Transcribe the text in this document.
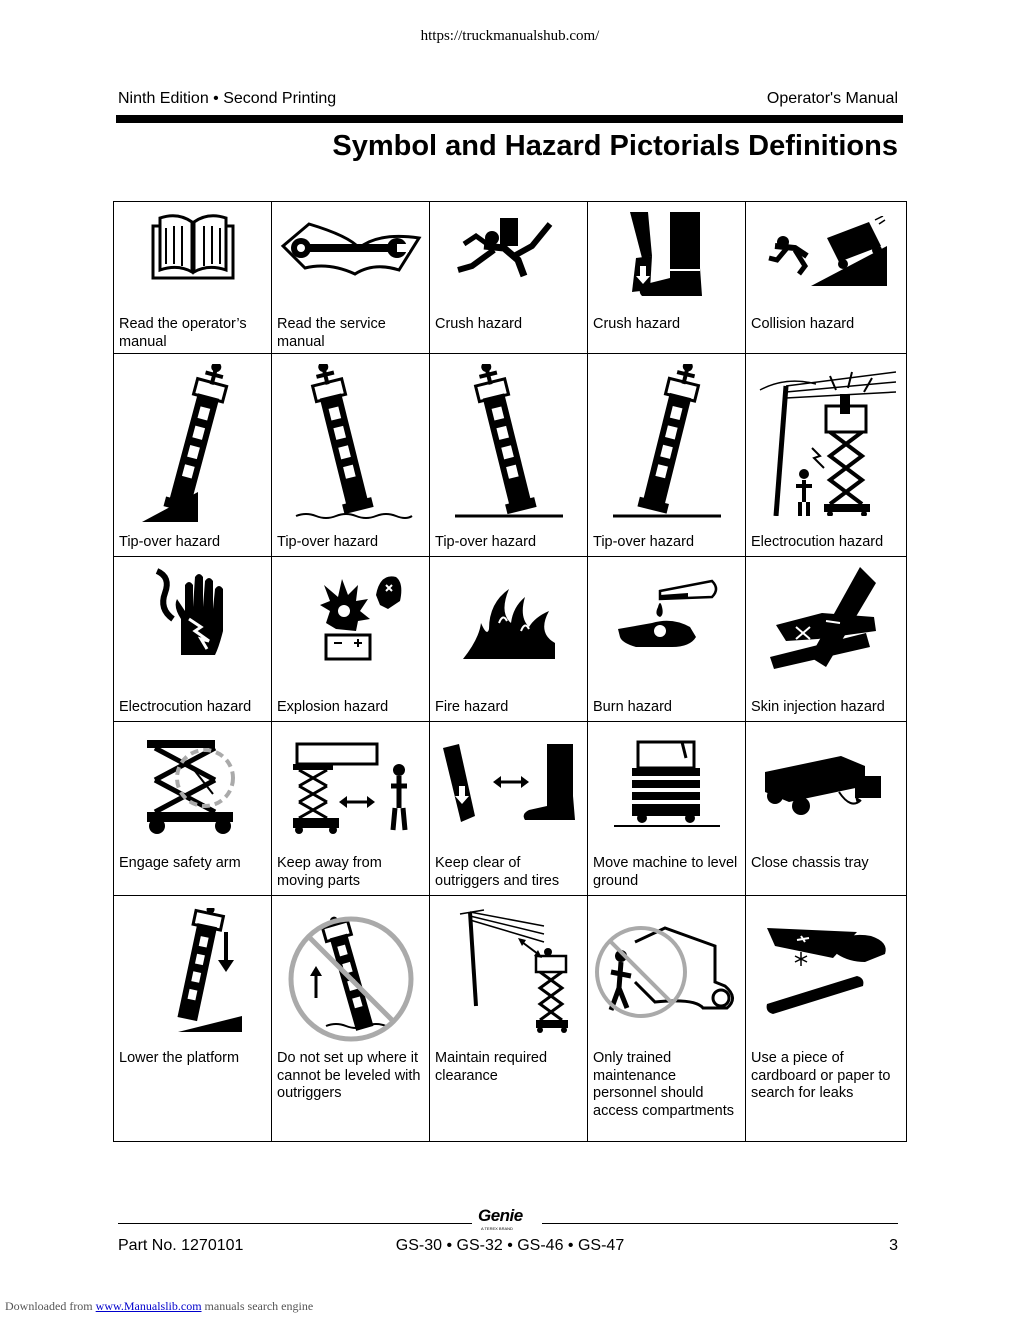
https://truckmanualshub.com/
Ninth Edition • Second Printing	Operator's Manual
Symbol and Hazard Pictorials Definitions
Read the operator’s manual	Read the service manual	Crush hazard	Crush hazard	Collision hazard

Tip-over hazard	Tip-over hazard	Tip-over hazard	Tip-over hazard	Electrocution hazard

Electrocution hazard	Explosion hazard	Fire hazard	Burn hazard	Skin injection hazard

Engage safety arm	Keep away from moving parts	Keep clear of outriggers and tires	Move machine to level ground	Close chassis tray

Lower the platform	Do not set up where it cannot be leveled with outriggers	Maintain required clearance	Only trained maintenance personnel should access compartments	Use a piece of cardboard or paper to search for leaks
Genie
A TEREX BRAND
Part No. 1270101	GS-30 • GS-32 • GS-46 • GS-47	3
Downloaded from www.Manualslib.com manuals search engine
